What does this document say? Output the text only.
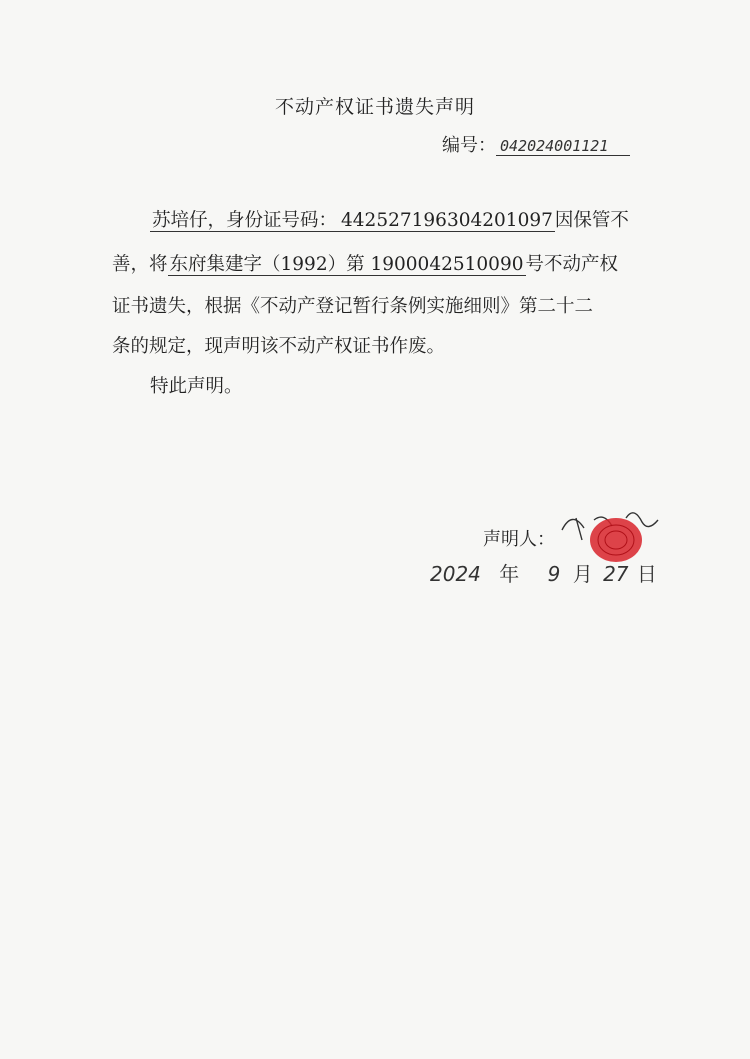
不动产权证书遗失声明
编号： 042024001121
苏培仔，身份证号码： 442527196304201097 因保管不
善，将 东府集建字（1992）第 1900042510090 号不动产权
证书遗失，根据《不动产登记暂行条例实施细则》第二十二
条的规定，现声明该不动产权证书作废。
特此声明。
声明人：
2024 年 9 月 27 日
